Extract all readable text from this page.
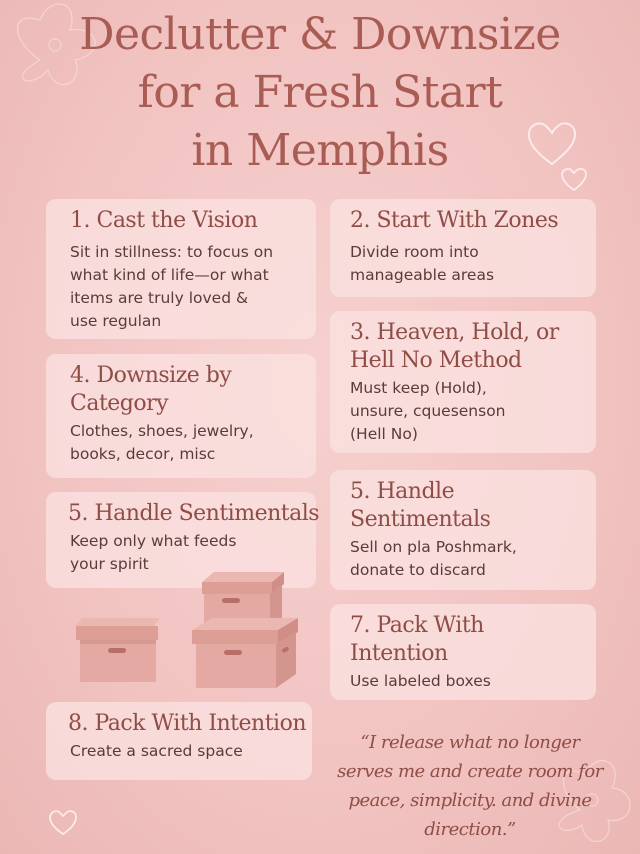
Declutter & Downsize
for a Fresh Start
in Memphis
1. Cast the Vision
Sit in stillness: to focus on what kind of life—or what items are truly loved & use regulan
2. Start With Zones
Divide room into manageable areas
3. Heaven, Hold, or Hell No Method
Must keep (Hold), unsure, cquesenson (Hell No)
4. Downsize by Category
Clothes, shoes, jewelry, books, decor, misc
5. Handle Sentimentals
Keep only what feeds your spirit
5. Handle Sentimentals
Sell on pla Poshmark, donate to discard
7. Pack With Intention
Use labeled boxes
8. Pack With Intention
Create a sacred space	“I release what no longer serves me and create room for peace, simplicity. and divine direction.”
